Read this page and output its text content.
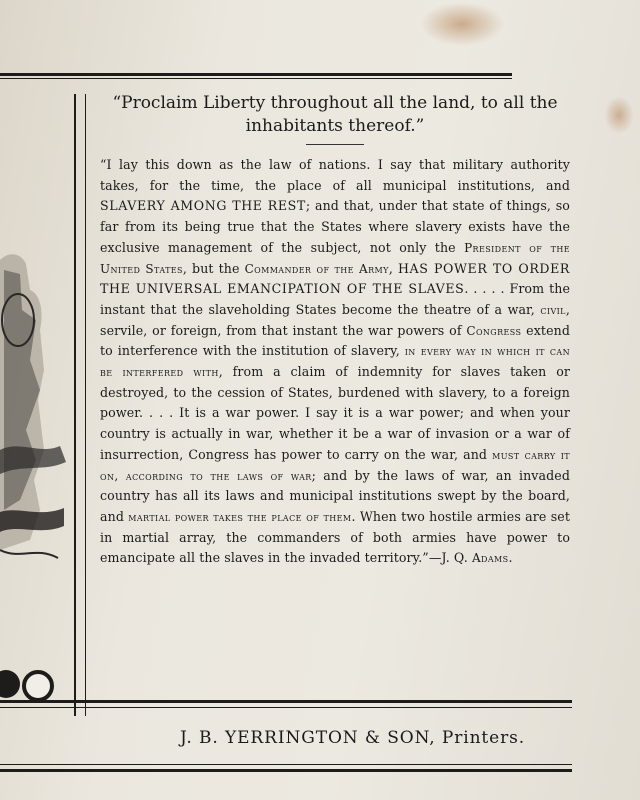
“Proclaim Liberty throughout all the land, to all the inhabitants thereof.”

“I lay this down as the law of nations. I say that military authority takes, for the time, the place of all municipal institutions, and SLAVERY AMONG THE REST; and that, under that state of things, so far from its being true that the States where slavery exists have the exclusive management of the subject, not only the President of the United States, but the Commander of the Army, HAS POWER TO ORDER THE UNIVERSAL EMANCIPATION OF THE SLAVES. . . . . From the instant that the slaveholding States become the theatre of a war, civil, servile, or foreign, from that instant the war powers of Congress extend to interference with the institution of slavery, in every way in which it can be interfered with, from a claim of indemnity for slaves taken or destroyed, to the cession of States, burdened with slavery, to a foreign power. . . . It is a war power. I say it is a war power; and when your country is actually in war, whether it be a war of invasion or a war of insurrection, Congress has power to carry on the war, and must carry it on, according to the laws of war; and by the laws of war, an invaded country has all its laws and municipal institutions swept by the board, and martial power takes the place of them. When two hostile armies are set in martial array, the commanders of both armies have power to emancipate all the slaves in the invaded territory.”—J. Q. Adams.

J. B. YERRINGTON & SON, Printers.
